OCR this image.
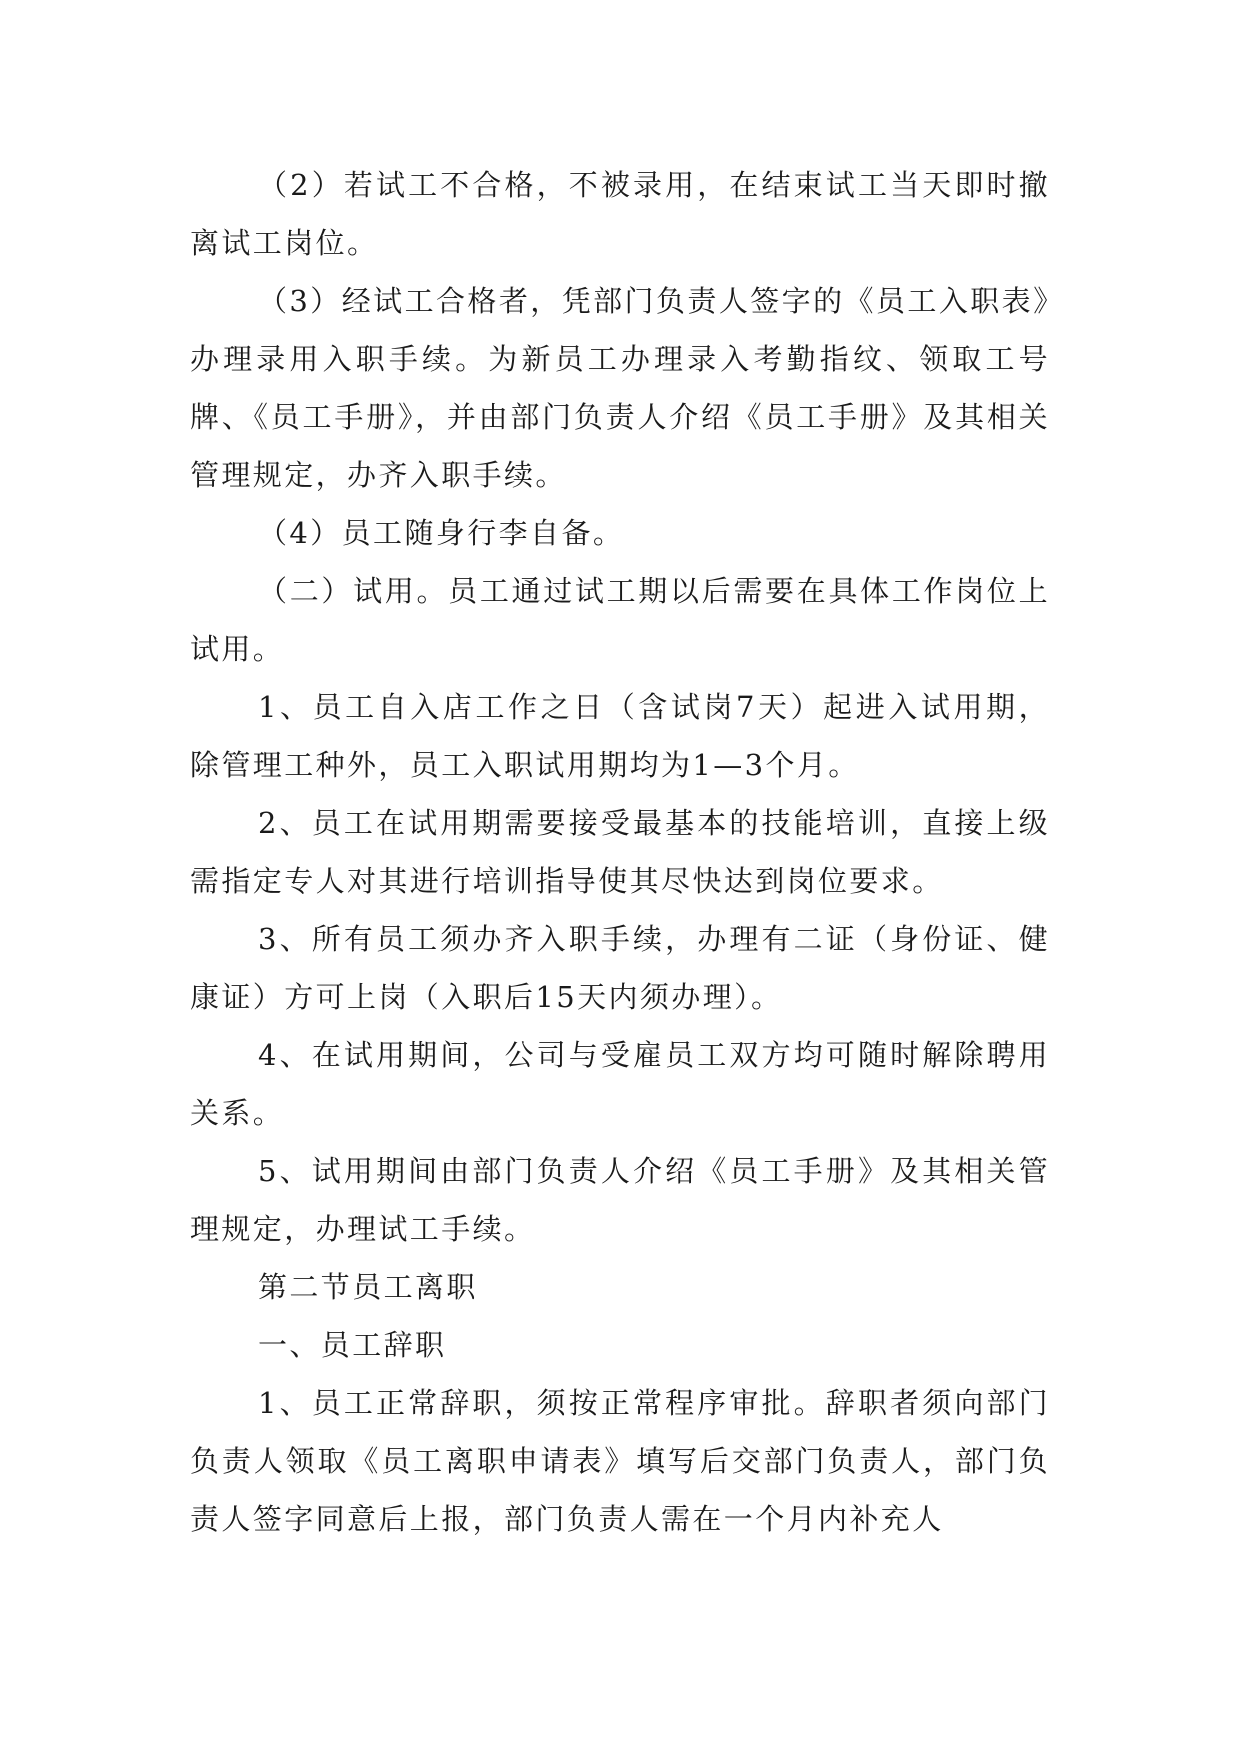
（2）若试工不合格，不被录用，在结束试工当天即时撤离试工岗位。

（3）经试工合格者，凭部门负责人签字的《员工入职表》办理录用入职手续。为新员工办理录入考勤指纹、领取工号牌、《员工手册》，并由部门负责人介绍《员工手册》及其相关管理规定，办齐入职手续。

（4）员工随身行李自备。

（二）试用。员工通过试工期以后需要在具体工作岗位上试用。

1、员工自入店工作之日（含试岗7天）起进入试用期，除管理工种外，员工入职试用期均为1—3个月。

2、员工在试用期需要接受最基本的技能培训，直接上级需指定专人对其进行培训指导使其尽快达到岗位要求。

3、所有员工须办齐入职手续，办理有二证（身份证、健康证）方可上岗（入职后15天内须办理）。

4、在试用期间，公司与受雇员工双方均可随时解除聘用关系。

5、试用期间由部门负责人介绍《员工手册》及其相关管理规定，办理试工手续。

第二节员工离职

一、员工辞职

1、员工正常辞职，须按正常程序审批。辞职者须向部门负责人领取《员工离职申请表》填写后交部门负责人，部门负责人签字同意后上报，部门负责人需在一个月内补充人
